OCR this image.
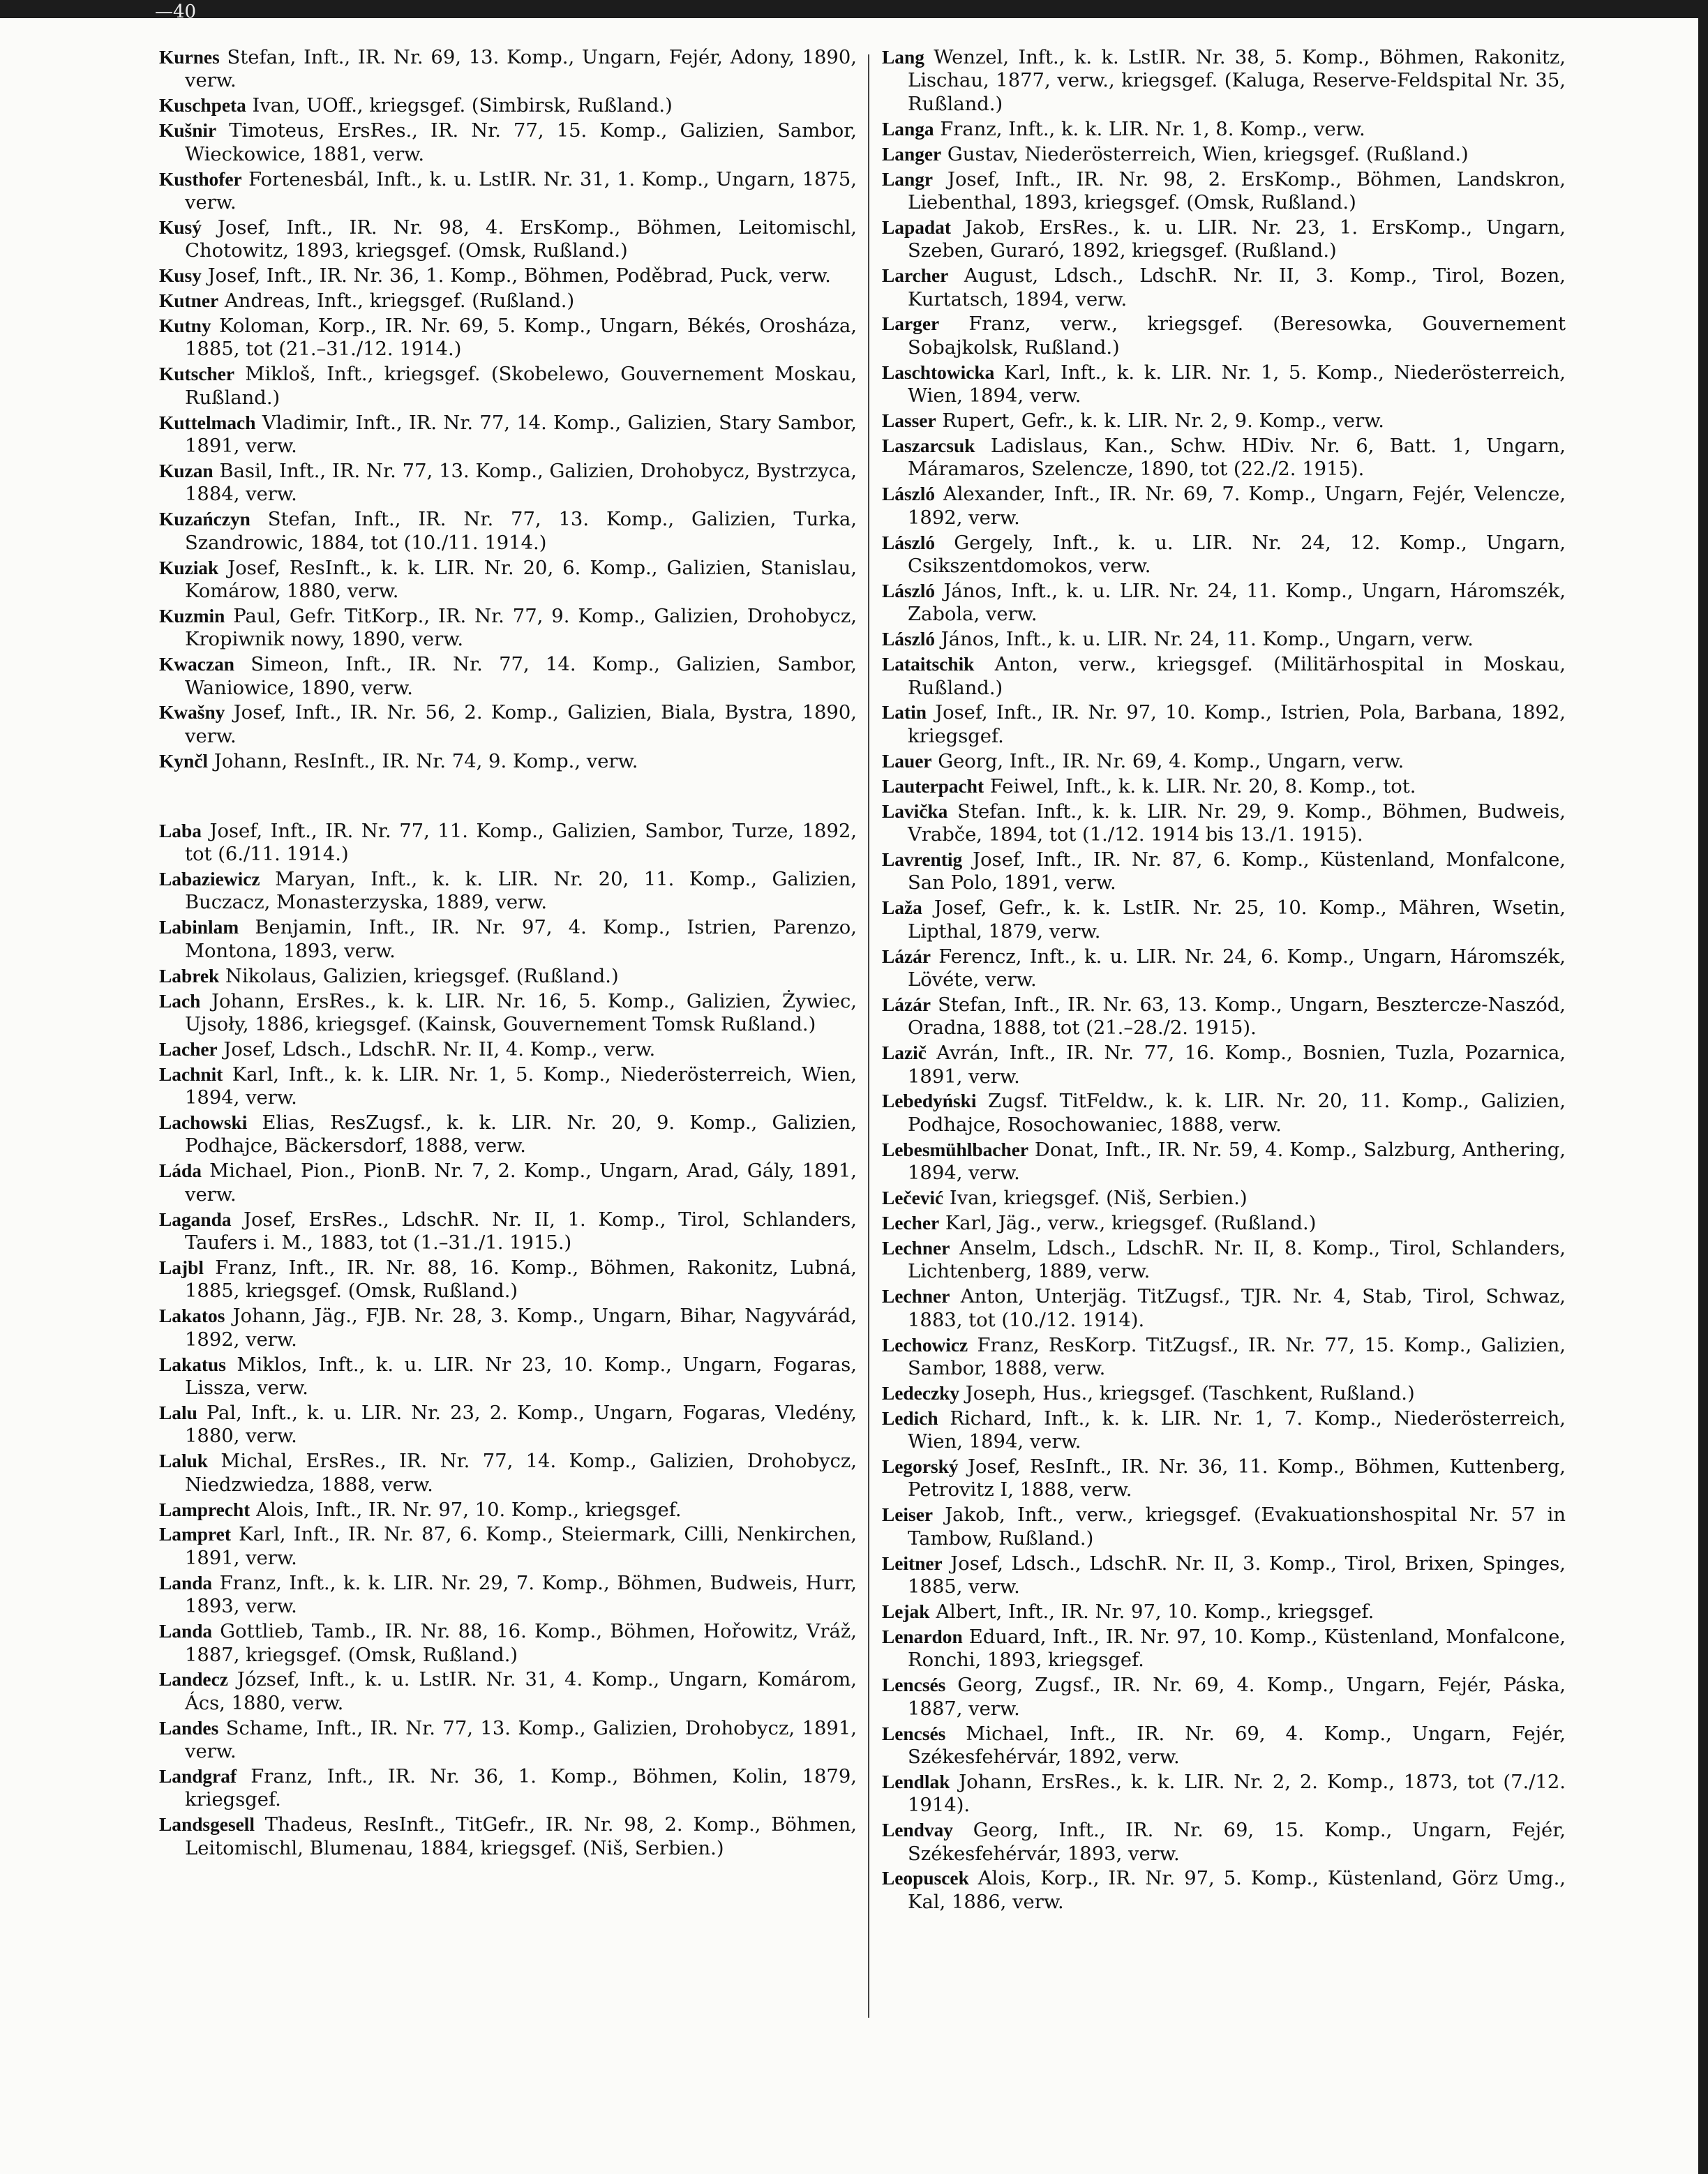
—40

Kurnes Stefan, Inft., IR. Nr. 69, 13. Komp., Ungarn, Fejér, Adony, 1890, verw.

Kuschpeta Ivan, UOff., kriegsgef. (Simbirsk, Rußland.)

Kušnir Timoteus, ErsRes., IR. Nr. 77, 15. Komp., Galizien, Sambor, Wieckowice, 1881, verw.

Kusthofer Fortenesbál, Inft., k. u. LstIR. Nr. 31, 1. Komp., Ungarn, 1875, verw.

Kusý Josef, Inft., IR. Nr. 98, 4. ErsKomp., Böhmen, Leitomischl, Chotowitz, 1893, kriegsgef. (Omsk, Rußland.)

Kusy Josef, Inft., IR. Nr. 36, 1. Komp., Böhmen, Poděbrad, Puck, verw.

Kutner Andreas, Inft., kriegsgef. (Rußland.)

Kutny Koloman, Korp., IR. Nr. 69, 5. Komp., Ungarn, Békés, Orosháza, 1885, tot (21.–31./12. 1914.)

Kutscher Mikloš, Inft., kriegsgef. (Skobelewo, Gouvernement Moskau, Rußland.)

Kuttelmach Vladimir, Inft., IR. Nr. 77, 14. Komp., Galizien, Stary Sambor, 1891, verw.

Kuzan Basil, Inft., IR. Nr. 77, 13. Komp., Galizien, Drohobycz, Bystrzyca, 1884, verw.

Kuzańczyn Stefan, Inft., IR. Nr. 77, 13. Komp., Galizien, Turka, Szandrowic, 1884, tot (10./11. 1914.)

Kuziak Josef, ResInft., k. k. LIR. Nr. 20, 6. Komp., Galizien, Stanislau, Komárow, 1880, verw.

Kuzmin Paul, Gefr. TitKorp., IR. Nr. 77, 9. Komp., Galizien, Drohobycz, Kropiwnik nowy, 1890, verw.

Kwaczan Simeon, Inft., IR. Nr. 77, 14. Komp., Galizien, Sambor, Waniowice, 1890, verw.

Kwašny Josef, Inft., IR. Nr. 56, 2. Komp., Galizien, Biala, Bystra, 1890, verw.

Kynčl Johann, ResInft., IR. Nr. 74, 9. Komp., verw.

Laba Josef, Inft., IR. Nr. 77, 11. Komp., Galizien, Sambor, Turze, 1892, tot (6./11. 1914.)

Labaziewicz Maryan, Inft., k. k. LIR. Nr. 20, 11. Komp., Galizien, Buczacz, Monasterzyska, 1889, verw.

Labinlam Benjamin, Inft., IR. Nr. 97, 4. Komp., Istrien, Parenzo, Montona, 1893, verw.

Labrek Nikolaus, Galizien, kriegsgef. (Rußland.)

Lach Johann, ErsRes., k. k. LIR. Nr. 16, 5. Komp., Galizien, Żywiec, Ujsoły, 1886, kriegsgef. (Kainsk, Gouvernement Tomsk Rußland.)

Lacher Josef, Ldsch., LdschR. Nr. II, 4. Komp., verw.

Lachnit Karl, Inft., k. k. LIR. Nr. 1, 5. Komp., Niederösterreich, Wien, 1894, verw.

Lachowski Elias, ResZugsf., k. k. LIR. Nr. 20, 9. Komp., Galizien, Podhajce, Bäckersdorf, 1888, verw.

Láda Michael, Pion., PionB. Nr. 7, 2. Komp., Ungarn, Arad, Gály, 1891, verw.

Laganda Josef, ErsRes., LdschR. Nr. II, 1. Komp., Tirol, Schlanders, Taufers i. M., 1883, tot (1.–31./1. 1915.)

Lajbl Franz, Inft., IR. Nr. 88, 16. Komp., Böhmen, Rakonitz, Lubná, 1885, kriegsgef. (Omsk, Rußland.)

Lakatos Johann, Jäg., FJB. Nr. 28, 3. Komp., Ungarn, Bihar, Nagyvárád, 1892, verw.

Lakatus Miklos, Inft., k. u. LIR. Nr 23, 10. Komp., Ungarn, Fogaras, Lissza, verw.

Lalu Pal, Inft., k. u. LIR. Nr. 23, 2. Komp., Ungarn, Fogaras, Vledény, 1880, verw.

Laluk Michal, ErsRes., IR. Nr. 77, 14. Komp., Galizien, Drohobycz, Niedzwiedza, 1888, verw.

Lamprecht Alois, Inft., IR. Nr. 97, 10. Komp., kriegsgef.

Lampret Karl, Inft., IR. Nr. 87, 6. Komp., Steiermark, Cilli, Nenkirchen, 1891, verw.

Landa Franz, Inft., k. k. LIR. Nr. 29, 7. Komp., Böhmen, Budweis, Hurr, 1893, verw.

Landa Gottlieb, Tamb., IR. Nr. 88, 16. Komp., Böhmen, Hořowitz, Vráž, 1887, kriegsgef. (Omsk, Rußland.)

Landecz József, Inft., k. u. LstIR. Nr. 31, 4. Komp., Ungarn, Komárom, Ács, 1880, verw.

Landes Schame, Inft., IR. Nr. 77, 13. Komp., Galizien, Drohobycz, 1891, verw.

Landgraf Franz, Inft., IR. Nr. 36, 1. Komp., Böhmen, Kolin, 1879, kriegsgef.

Landsgesell Thadeus, ResInft., TitGefr., IR. Nr. 98, 2. Komp., Böhmen, Leitomischl, Blumenau, 1884, kriegsgef. (Niš, Serbien.)

Lang Wenzel, Inft., k. k. LstIR. Nr. 38, 5. Komp., Böhmen, Rakonitz, Lischau, 1877, verw., kriegsgef. (Kaluga, Reserve-Feldspital Nr. 35, Rußland.)

Langa Franz, Inft., k. k. LIR. Nr. 1, 8. Komp., verw.

Langer Gustav, Niederösterreich, Wien, kriegsgef. (Rußland.)

Langr Josef, Inft., IR. Nr. 98, 2. ErsKomp., Böhmen, Landskron, Liebenthal, 1893, kriegsgef. (Omsk, Rußland.)

Lapadat Jakob, ErsRes., k. u. LIR. Nr. 23, 1. ErsKomp., Ungarn, Szeben, Guraró, 1892, kriegsgef. (Rußland.)

Larcher August, Ldsch., LdschR. Nr. II, 3. Komp., Tirol, Bozen, Kurtatsch, 1894, verw.

Larger Franz, verw., kriegsgef. (Beresowka, Gouvernement Sobajkolsk, Rußland.)

Laschtowicka Karl, Inft., k. k. LIR. Nr. 1, 5. Komp., Niederösterreich, Wien, 1894, verw.

Lasser Rupert, Gefr., k. k. LIR. Nr. 2, 9. Komp., verw.

Laszarcsuk Ladislaus, Kan., Schw. HDiv. Nr. 6, Batt. 1, Ungarn, Máramaros, Szelencze, 1890, tot (22./2. 1915).

László Alexander, Inft., IR. Nr. 69, 7. Komp., Ungarn, Fejér, Velencze, 1892, verw.

László Gergely, Inft., k. u. LIR. Nr. 24, 12. Komp., Ungarn, Csikszentdomokos, verw.

László János, Inft., k. u. LIR. Nr. 24, 11. Komp., Ungarn, Háromszék, Zabola, verw.

László János, Inft., k. u. LIR. Nr. 24, 11. Komp., Ungarn, verw.

Lataitschik Anton, verw., kriegsgef. (Militärhospital in Moskau, Rußland.)

Latin Josef, Inft., IR. Nr. 97, 10. Komp., Istrien, Pola, Barbana, 1892, kriegsgef.

Lauer Georg, Inft., IR. Nr. 69, 4. Komp., Ungarn, verw.

Lauterpacht Feiwel, Inft., k. k. LIR. Nr. 20, 8. Komp., tot.

Lavička Stefan. Inft., k. k. LIR. Nr. 29, 9. Komp., Böhmen, Budweis, Vrabče, 1894, tot (1./12. 1914 bis 13./1. 1915).

Lavrentig Josef, Inft., IR. Nr. 87, 6. Komp., Küstenland, Monfalcone, San Polo, 1891, verw.

Laža Josef, Gefr., k. k. LstIR. Nr. 25, 10. Komp., Mähren, Wsetin, Lipthal, 1879, verw.

Lázár Ferencz, Inft., k. u. LIR. Nr. 24, 6. Komp., Ungarn, Háromszék, Lövéte, verw.

Lázár Stefan, Inft., IR. Nr. 63, 13. Komp., Ungarn, Besztercze-Naszód, Oradna, 1888, tot (21.–28./2. 1915).

Lazič Avrán, Inft., IR. Nr. 77, 16. Komp., Bosnien, Tuzla, Pozarnica, 1891, verw.

Lebedyński Zugsf. TitFeldw., k. k. LIR. Nr. 20, 11. Komp., Galizien, Podhajce, Rosochowaniec, 1888, verw.

Lebesmühlbacher Donat, Inft., IR. Nr. 59, 4. Komp., Salzburg, Anthering, 1894, verw.

Lečević Ivan, kriegsgef. (Niš, Serbien.)

Lecher Karl, Jäg., verw., kriegsgef. (Rußland.)

Lechner Anselm, Ldsch., LdschR. Nr. II, 8. Komp., Tirol, Schlanders, Lichtenberg, 1889, verw.

Lechner Anton, Unterjäg. TitZugsf., TJR. Nr. 4, Stab, Tirol, Schwaz, 1883, tot (10./12. 1914).

Lechowicz Franz, ResKorp. TitZugsf., IR. Nr. 77, 15. Komp., Galizien, Sambor, 1888, verw.

Ledeczky Joseph, Hus., kriegsgef. (Taschkent, Rußland.)

Ledich Richard, Inft., k. k. LIR. Nr. 1, 7. Komp., Niederösterreich, Wien, 1894, verw.

Legorský Josef, ResInft., IR. Nr. 36, 11. Komp., Böhmen, Kuttenberg, Petrovitz I, 1888, verw.

Leiser Jakob, Inft., verw., kriegsgef. (Evakuationshospital Nr. 57 in Tambow, Rußland.)

Leitner Josef, Ldsch., LdschR. Nr. II, 3. Komp., Tirol, Brixen, Spinges, 1885, verw.

Lejak Albert, Inft., IR. Nr. 97, 10. Komp., kriegsgef.

Lenardon Eduard, Inft., IR. Nr. 97, 10. Komp., Küstenland, Monfalcone, Ronchi, 1893, kriegsgef.

Lencsés Georg, Zugsf., IR. Nr. 69, 4. Komp., Ungarn, Fejér, Páska, 1887, verw.

Lencsés Michael, Inft., IR. Nr. 69, 4. Komp., Ungarn, Fejér, Székesfehérvár, 1892, verw.

Lendlak Johann, ErsRes., k. k. LIR. Nr. 2, 2. Komp., 1873, tot (7./12. 1914).

Lendvay Georg, Inft., IR. Nr. 69, 15. Komp., Ungarn, Fejér, Székesfehérvár, 1893, verw.

Leopuscek Alois, Korp., IR. Nr. 97, 5. Komp., Küstenland, Görz Umg., Kal, 1886, verw.
